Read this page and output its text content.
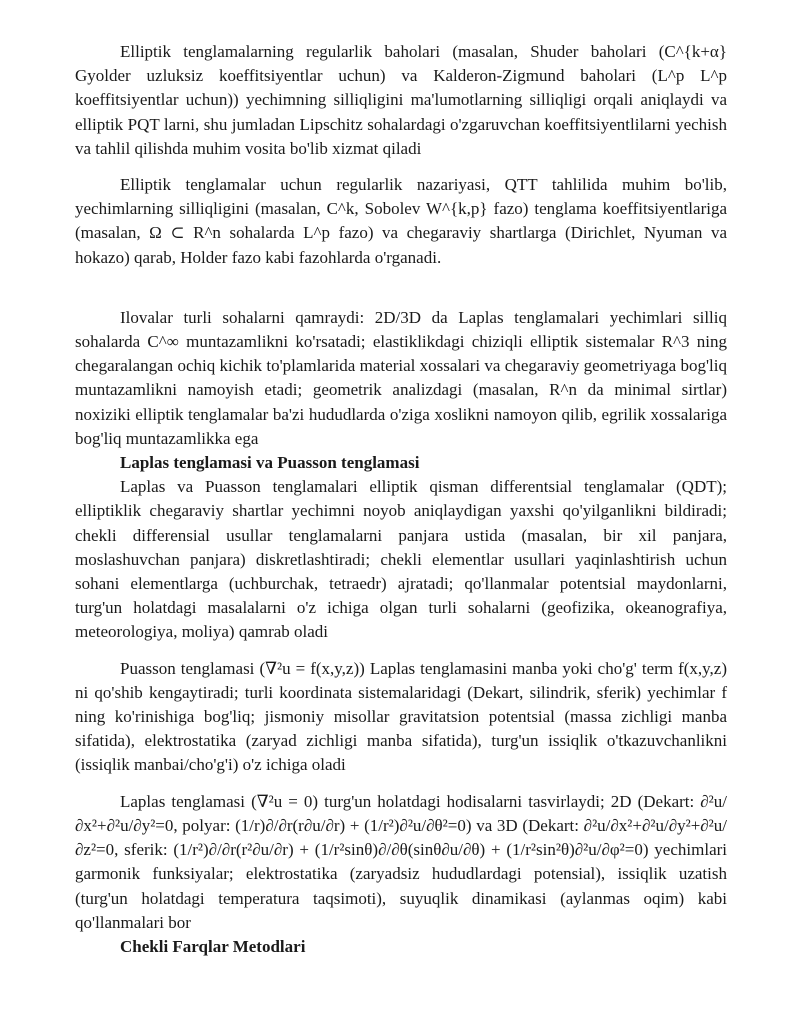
Elliptik tenglamalarning regularlik baholari (masalan, Shuder baholari (C^{k+α} Gyolder uzluksiz koeffitsiyentlar uchun) va Kalderon-Zigmund baholari (L^p L^p koeffitsiyentlar uchun)) yechimning silliqligini ma'lumotlarning silliqligi orqali aniqlaydi va elliptik PQT larni, shu jumladan Lipschitz sohalardagi o'zgaruvchan koeffitsiyentlilarni yechish va tahlil qilishda muhim vosita bo'lib xizmat qiladi

Elliptik tenglamalar uchun regularlik nazariyasi, QTT tahlilida muhim bo'lib, yechimlarning silliqligini (masalan, C^k, Sobolev W^{k,p} fazo) tenglama koeffitsiyentlariga (masalan, Ω ⊂ R^n sohalarda L^p fazo) va chegaraviy shartlarga (Dirichlet, Nyuman va hokazo) qarab, Holder fazo kabi fazohlarda o'rganadi.

Ilovalar turli sohalarni qamraydi: 2D/3D da Laplas tenglamalari yechimlari silliq sohalarda C^∞ muntazamlikni ko'rsatadi; elastiklikdagi chiziqli elliptik sistemalar R^3 ning chegaralangan ochiq kichik to'plamlarida material xossalari va chegaraviy geometriyaga bog'liq muntazamlikni namoyish etadi; geometrik analizdagi (masalan, R^n da minimal sirtlar) noxiziki elliptik tenglamalar ba'zi hududlarda o'ziga xoslikni namoyon qilib, egrilik xossalariga bog'liq muntazamlikka ega

Laplas tenglamasi va Puasson tenglamasi

Laplas va Puasson tenglamalari elliptik qisman differentsial tenglamalar (QDT); elliptiklik chegaraviy shartlar yechimni noyob aniqlaydigan yaxshi qo'yilganlikni bildiradi; chekli differensial usullar tenglamalarni panjara ustida (masalan, bir xil panjara, moslashuvchan panjara) diskretlashtiradi; chekli elementlar usullari yaqinlashtirish uchun sohani elementlarga (uchburchak, tetraedr) ajratadi; qo'llanmalar potentsial maydonlarni, turg'un holatdagi masalalarni o'z ichiga olgan turli sohalarni (geofizika, okeanografiya, meteorologiya, moliya) qamrab oladi

Puasson tenglamasi (∇²u = f(x,y,z)) Laplas tenglamasini manba yoki cho'g' term f(x,y,z) ni qo'shib kengaytiradi; turli koordinata sistemalaridagi (Dekart, silindrik, sferik) yechimlar f ning ko'rinishiga bog'liq; jismoniy misollar gravitatsion potentsial (massa zichligi manba sifatida), elektrostatika (zaryad zichligi manba sifatida), turg'un issiqlik o'tkazuvchanlikni (issiqlik manbai/cho'g'i) o'z ichiga oladi

Laplas tenglamasi (∇²u = 0) turg'un holatdagi hodisalarni tasvirlaydi; 2D (Dekart: ∂²u/∂x²+∂²u/∂y²=0, polyar: (1/r)∂/∂r(r∂u/∂r) + (1/r²)∂²u/∂θ²=0) va 3D (Dekart: ∂²u/∂x²+∂²u/∂y²+∂²u/∂z²=0, sferik: (1/r²)∂/∂r(r²∂u/∂r) + (1/r²sinθ)∂/∂θ(sinθ∂u/∂θ) + (1/r²sin²θ)∂²u/∂φ²=0) yechimlari garmonik funksiyalar; elektrostatika (zaryadsiz hududlardagi potensial), issiqlik uzatish (turg'un holatdagi temperatura taqsimoti), suyuqlik dinamikasi (aylanmas oqim) kabi qo'llanmalari bor

Chekli Farqlar Metodlari
